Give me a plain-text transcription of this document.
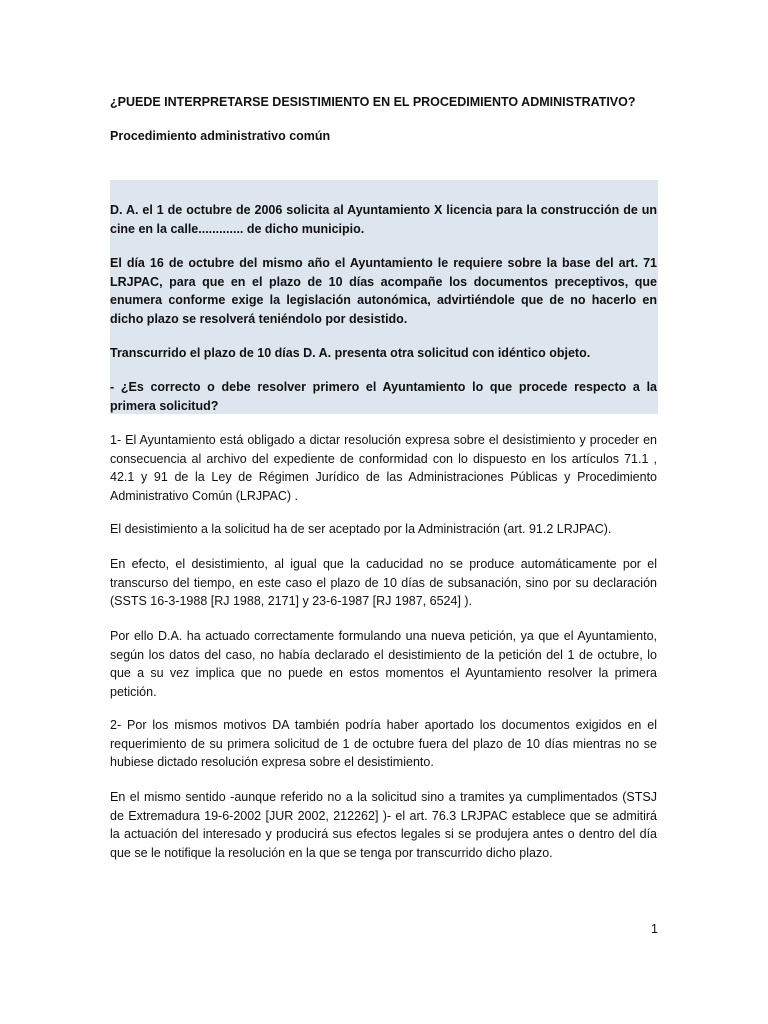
¿PUEDE INTERPRETARSE DESISTIMIENTO EN EL PROCEDIMIENTO ADMINISTRATIVO?

Procedimiento administrativo común

D. A. el 1 de octubre de 2006 solicita al Ayuntamiento X licencia para la construcción de un cine en la calle............. de dicho municipio.

El día 16 de octubre del mismo año el Ayuntamiento le requiere sobre la base del art. 71 LRJPAC, para que en el plazo de 10 días acompañe los documentos preceptivos, que enumera conforme exige la legislación autonómica, advirtiéndole que de no hacerlo en dicho plazo se resolverá teniéndolo por desistido.

Transcurrido el plazo de 10 días D. A. presenta otra solicitud con idéntico objeto.

- ¿Es correcto o debe resolver primero el Ayuntamiento lo que procede respecto a la primera solicitud?

1- El Ayuntamiento está obligado a dictar resolución expresa sobre el desistimiento y proceder en consecuencia al archivo del expediente de conformidad con lo dispuesto en los artículos 71.1 , 42.1 y 91 de la Ley de Régimen Jurídico de las Administraciones Públicas y Procedimiento Administrativo Común (LRJPAC) .

El desistimiento a la solicitud ha de ser aceptado por la Administración (art. 91.2 LRJPAC).

En efecto, el desistimiento, al igual que la caducidad no se produce automáticamente por el transcurso del tiempo, en este caso el plazo de 10 días de subsanación, sino por su declaración (SSTS 16-3-1988 [RJ 1988, 2171] y 23-6-1987 [RJ 1987, 6524] ).

Por ello D.A. ha actuado correctamente formulando una nueva petición, ya que el Ayuntamiento, según los datos del caso, no había declarado el desistimiento de la petición del 1 de octubre, lo que a su vez implica que no puede en estos momentos el Ayuntamiento resolver la primera petición.

2- Por los mismos motivos DA también podría haber aportado los documentos exigidos en el requerimiento de su primera solicitud de 1 de octubre fuera del plazo de 10 días mientras no se hubiese dictado resolución expresa sobre el desistimiento.

En el mismo sentido -aunque referido no a la solicitud sino a tramites ya cumplimentados (STSJ de Extremadura 19-6-2002 [JUR 2002, 212262] )- el art. 76.3 LRJPAC establece que se admitirá la actuación del interesado y producirá sus efectos legales si se produjera antes o dentro del día que se le notifique la resolución en la que se tenga por transcurrido dicho plazo.

1
